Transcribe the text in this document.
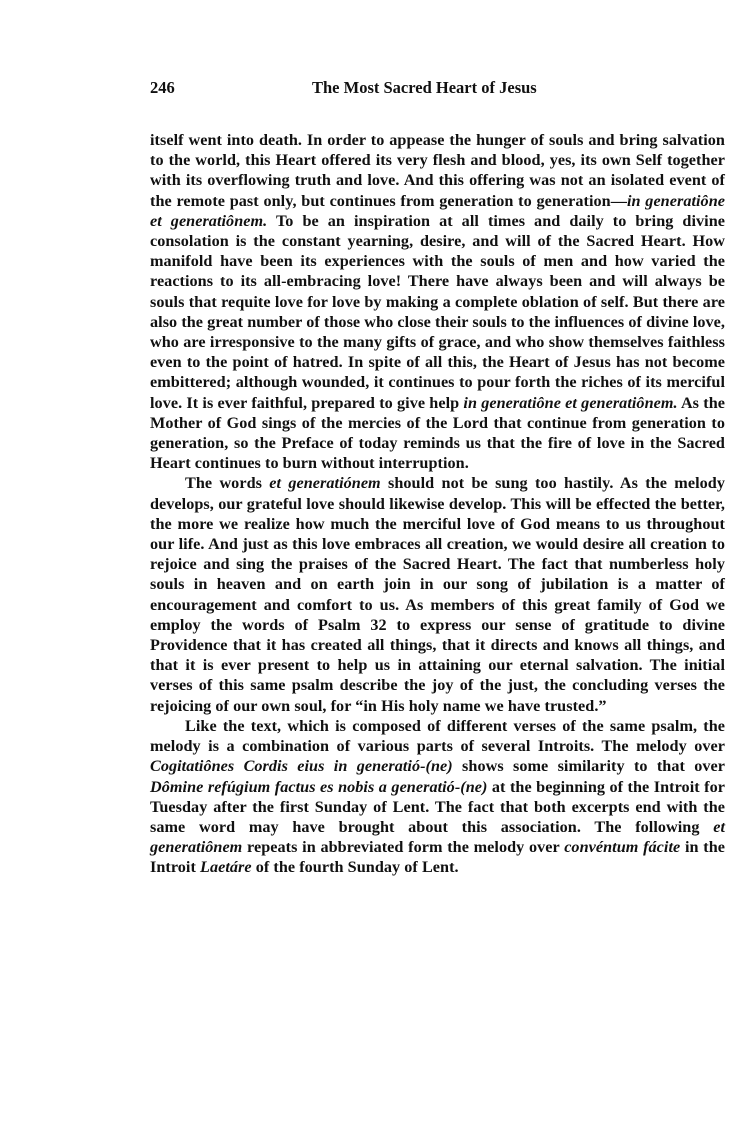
246	The Most Sacred Heart of Jesus

itself went into death. In order to appease the hunger of souls and bring salvation to the world, this Heart offered its very flesh and blood, yes, its own Self together with its overflowing truth and love. And this offering was not an isolated event of the remote past only, but continues from generation to generation—in generatiône et generatiônem. To be an inspiration at all times and daily to bring divine consolation is the constant yearning, desire, and will of the Sacred Heart. How manifold have been its experiences with the souls of men and how varied the reactions to its all-embracing love! There have always been and will always be souls that requite love for love by making a complete oblation of self. But there are also the great number of those who close their souls to the influences of divine love, who are irresponsive to the many gifts of grace, and who show themselves faithless even to the point of hatred. In spite of all this, the Heart of Jesus has not become embittered; although wounded, it continues to pour forth the riches of its merciful love. It is ever faithful, prepared to give help in generatiône et generatiônem. As the Mother of God sings of the mercies of the Lord that continue from generation to generation, so the Preface of today reminds us that the fire of love in the Sacred Heart continues to burn without interruption.

The words et generatiónem should not be sung too hastily. As the melody develops, our grateful love should likewise develop. This will be effected the better, the more we realize how much the merciful love of God means to us throughout our life. And just as this love embraces all creation, we would desire all creation to rejoice and sing the praises of the Sacred Heart. The fact that numberless holy souls in heaven and on earth join in our song of jubilation is a matter of encouragement and comfort to us. As members of this great family of God we employ the words of Psalm 32 to express our sense of gratitude to divine Providence that it has created all things, that it directs and knows all things, and that it is ever present to help us in attaining our eternal salvation. The initial verses of this same psalm describe the joy of the just, the concluding verses the rejoicing of our own soul, for “in His holy name we have trusted.”

Like the text, which is composed of different verses of the same psalm, the melody is a combination of various parts of several Introits. The melody over Cogitatiônes Cordis eius in generatió-(ne) shows some similarity to that over Dômine refúgium factus es nobis a generatió-(ne) at the beginning of the Introit for Tuesday after the first Sunday of Lent. The fact that both excerpts end with the same word may have brought about this association. The following et generatiônem repeats in abbreviated form the melody over convéntum fácite in the Introit Laetáre of the fourth Sunday of Lent.
